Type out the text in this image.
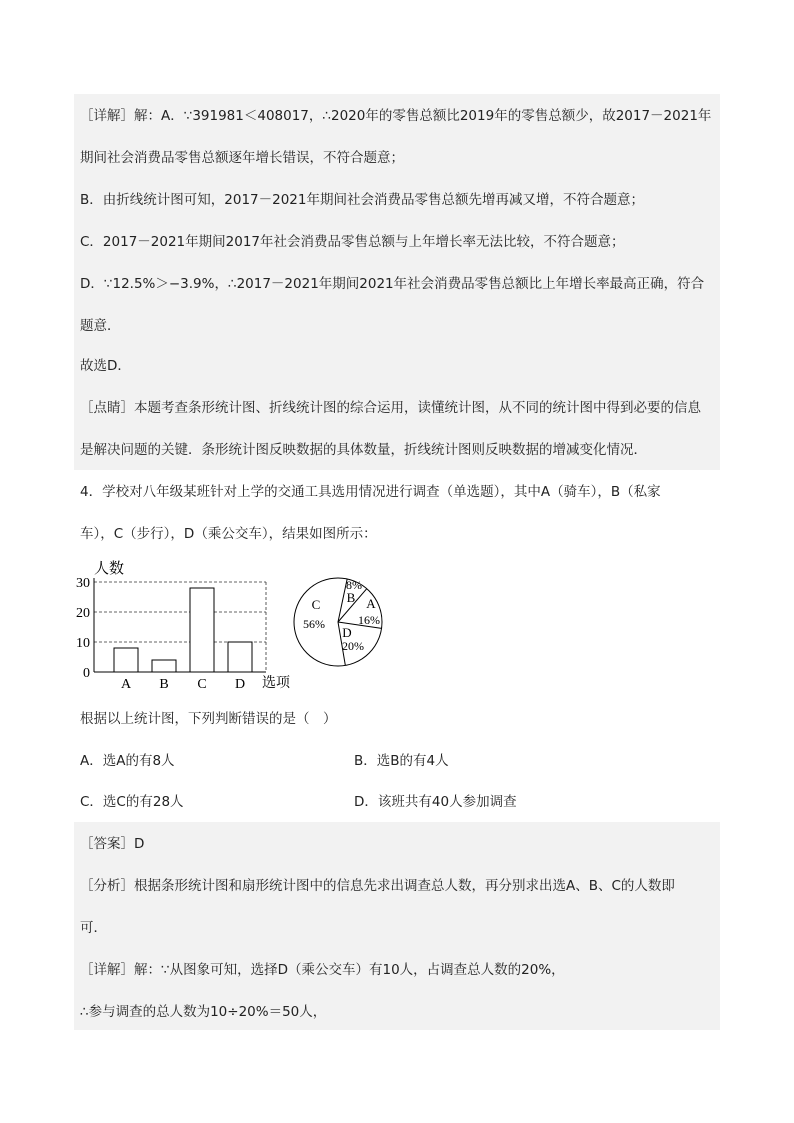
［详解］解：A．∵391981＜408017，∴2020年的零售总额比2019年的零售总额少，故2017－2021年
期间社会消费品零售总额逐年增长错误，不符合题意；
B．由折线统计图可知，2017－2021年期间社会消费品零售总额先增再减又增，不符合题意；
C．2017－2021年期间2017年社会消费品零售总额与上年增长率无法比较，不符合题意；
D．∵12.5%＞−3.9%，∴2017－2021年期间2021年社会消费品零售总额比上年增长率最高正确，符合
题意．
故选D．
［点睛］本题考查条形统计图、折线统计图的综合运用，读懂统计图，从不同的统计图中得到必要的信息
是解决问题的关键．条形统计图反映数据的具体数量，折线统计图则反映数据的增减变化情况．
4．学校对八年级某班针对上学的交通工具选用情况进行调查（单选题），其中A（骑车），B（私家
车），C（步行），D（乘公交车），结果如图所示：
人数
0
10
20
30
A B C D 选项
B
8%
A
16%
D
20%
C
56%
根据以上统计图，下列判断错误的是（　）
A．选A的有8人	B．选B的有4人
C．选C的有28人	D．该班共有40人参加调查
［答案］D
［分析］根据条形统计图和扇形统计图中的信息先求出调查总人数，再分别求出选A、B、C的人数即
可．
［详解］解：∵从图象可知，选择D（乘公交车）有10人，占调查总人数的20%，
∴参与调查的总人数为10÷20%＝50人，
